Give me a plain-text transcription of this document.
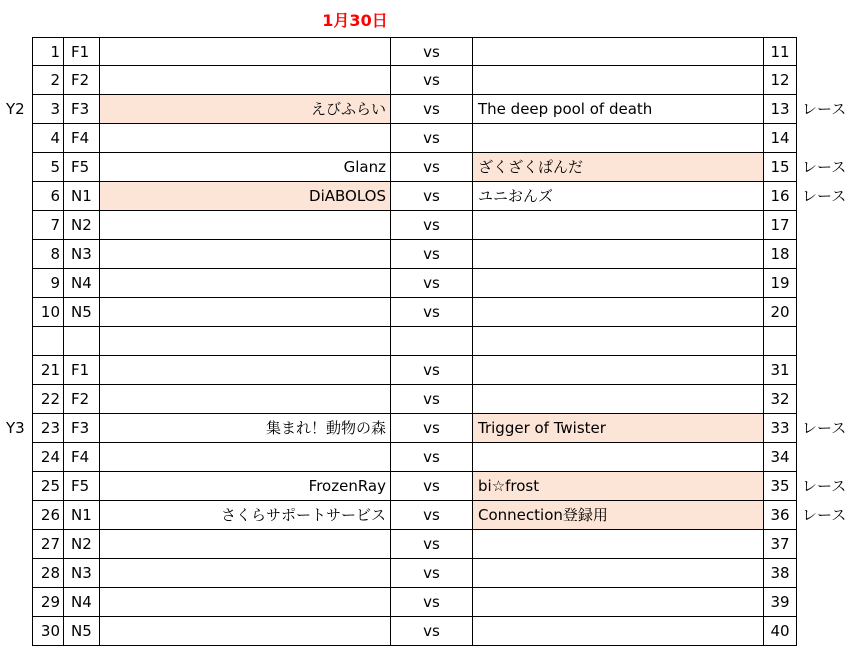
1月30日
1 F1	vs	11
2 F2	vs	12
Y2	3 F3	えびふらい	vs	The deep pool of death	13 レース
4 F4	vs	14
5 F5	Glanz	vs	ざくざくぱんだ	15 レース
6 N1	DiABOLOS	vs	ユニおんズ	16 レース
7 N2	vs	17
8 N3	vs	18
9 N4	vs	19
10 N5	vs	20
21 F1	vs	31
22 F2	vs	32
Y3	23 F3	集まれ！動物の森	vs	Trigger of Twister	33 レース
24 F4	vs	34
25 F5	FrozenRay	vs	bi☆frost	35 レース
26 N1	さくらサポートサービス	vs	Connection登録用	36 レース
27 N2	vs	37
28 N3	vs	38
29 N4	vs	39
30 N5	vs	40
